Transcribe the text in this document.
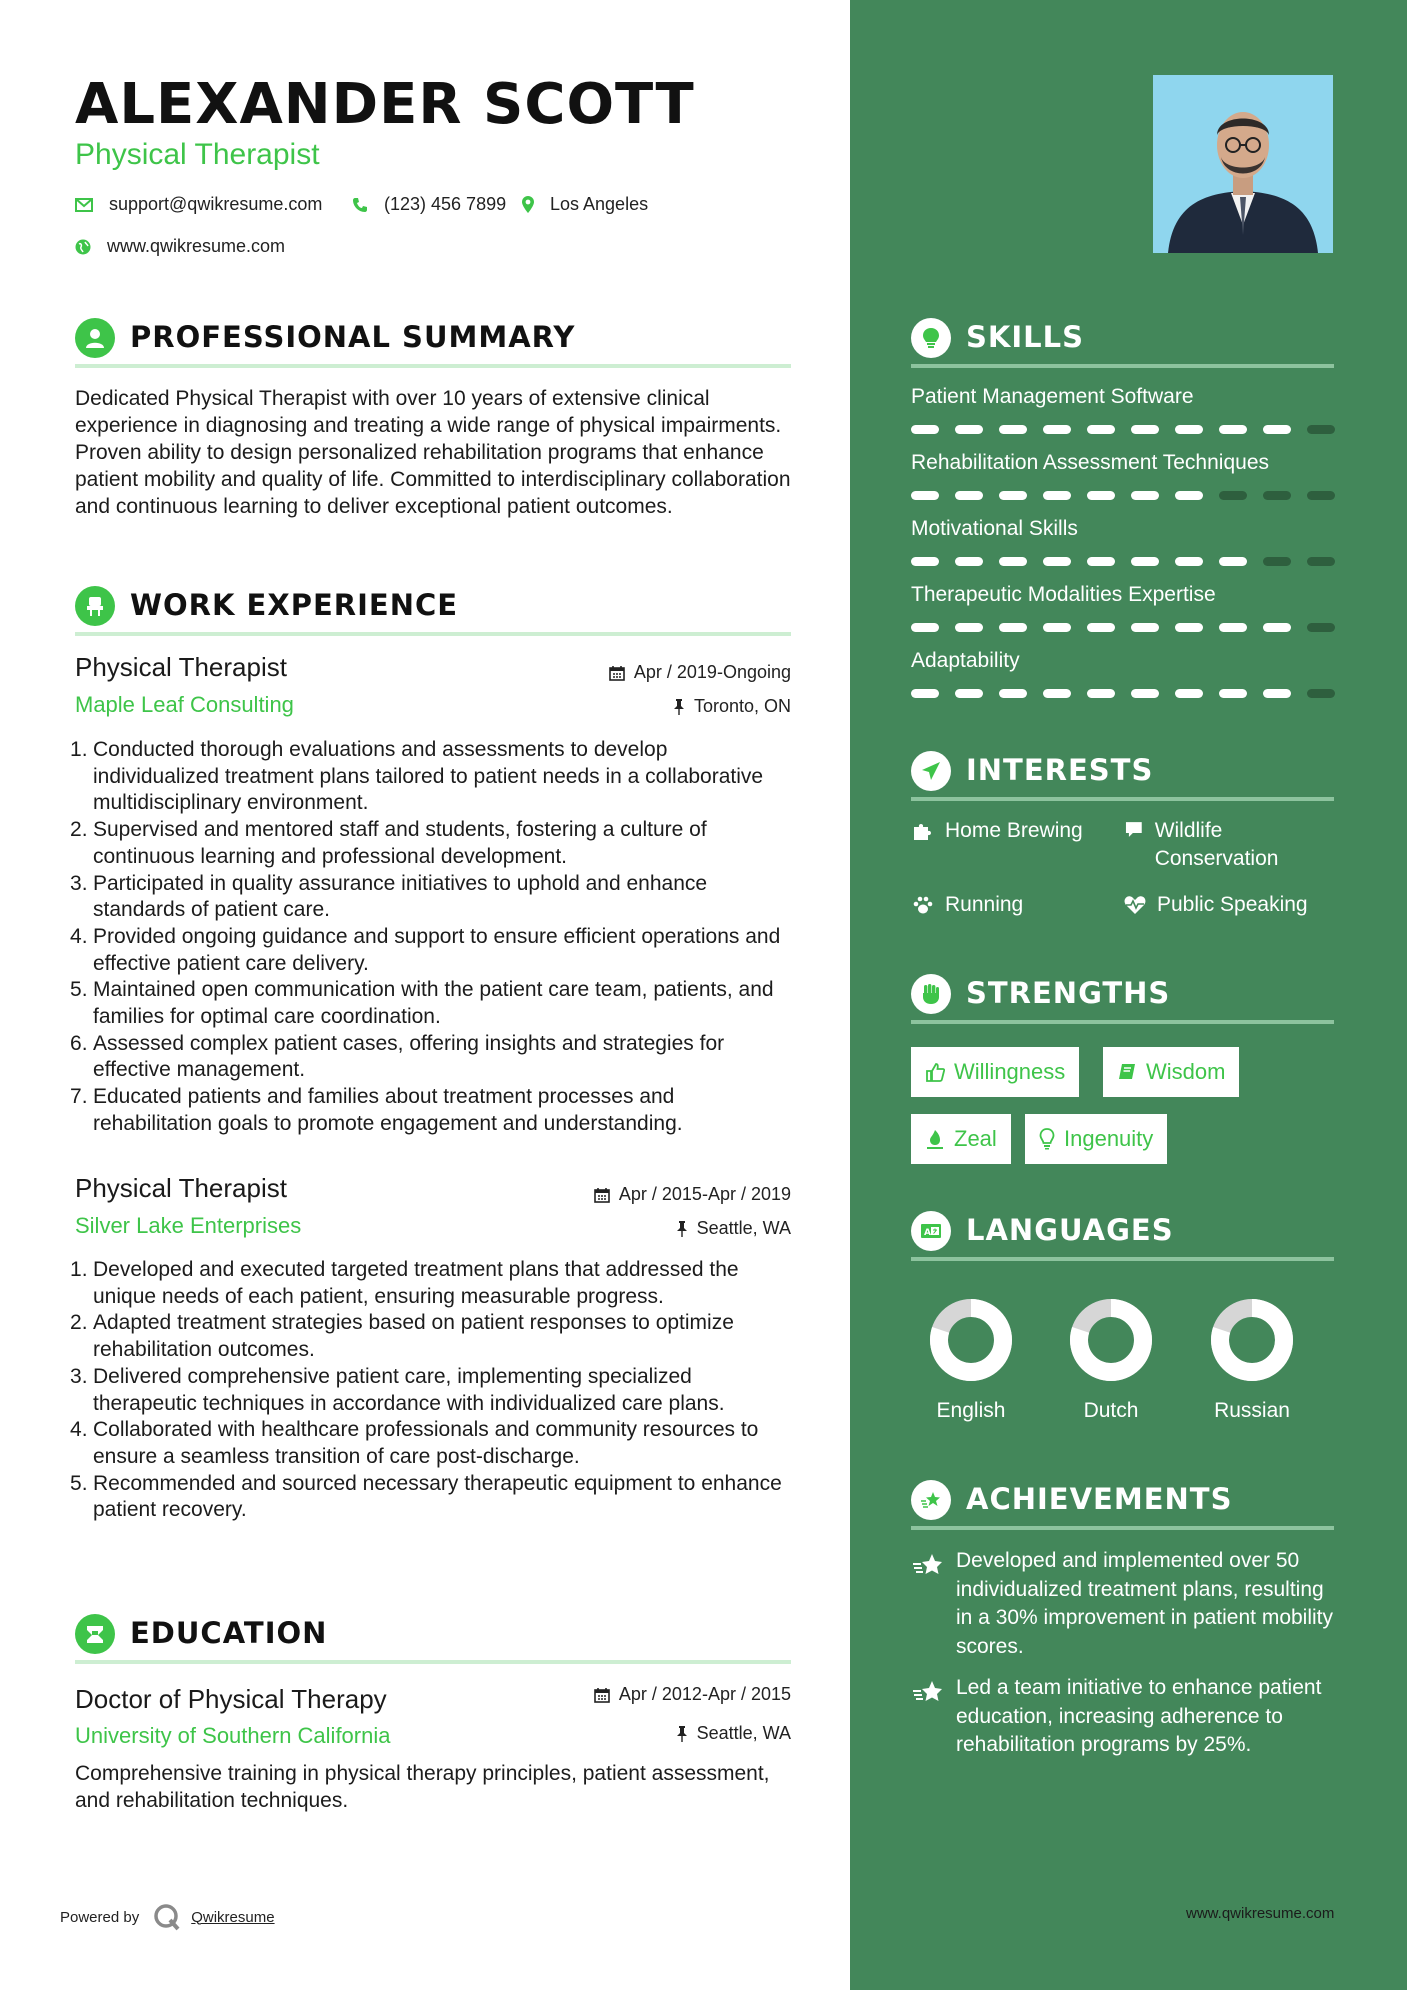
ALEXANDER SCOTT
Physical Therapist
support@qwikresume.com	(123) 456 7899 Los Angeles
www.qwikresume.com
PROFESSIONAL SUMMARY
Dedicated Physical Therapist with over 10 years of extensive clinical experience in diagnosing and treating a wide range of physical impairments. Proven ability to design personalized rehabilitation programs that enhance patient mobility and quality of life. Committed to interdisciplinary collaboration and continuous learning to deliver exceptional patient outcomes.
WORK EXPERIENCE
Physical Therapist	Apr / 2019-Ongoing
Maple Leaf Consulting	Toronto, ON
Conducted thorough evaluations and assessments to develop individualized treatment plans tailored to patient needs in a collaborative multidisciplinary environment.
Supervised and mentored staff and students, fostering a culture of continuous learning and professional development.
Participated in quality assurance initiatives to uphold and enhance standards of patient care.
Provided ongoing guidance and support to ensure efficient operations and effective patient care delivery.
Maintained open communication with the patient care team, patients, and families for optimal care coordination.
Assessed complex patient cases, offering insights and strategies for effective management.
Educated patients and families about treatment processes and rehabilitation goals to promote engagement and understanding.
Physical Therapist	Apr / 2015-Apr / 2019
Silver Lake Enterprises	Seattle, WA
Developed and executed targeted treatment plans that addressed the unique needs of each patient, ensuring measurable progress.
Adapted treatment strategies based on patient responses to optimize rehabilitation outcomes.
Delivered comprehensive patient care, implementing specialized therapeutic techniques in accordance with individualized care plans.
Collaborated with healthcare professionals and community resources to ensure a seamless transition of care post-discharge.
Recommended and sourced necessary therapeutic equipment to enhance patient recovery.
EDUCATION
Doctor of Physical Therapy	Apr / 2012-Apr / 2015
University of Southern California	Seattle, WA
Comprehensive training in physical therapy principles, patient assessment, and rehabilitation techniques.
Powered by	Qwikresume
SKILLS
Patient Management Software
Rehabilitation Assessment Techniques
Motivational Skills
Therapeutic Modalities Expertise
Adaptability
INTERESTS
Home Brewing	Wildlife Conservation
Running	Public Speaking
STRENGTHS
Willingness	Wisdom
Zeal	Ingenuity
A LANGUAGES
English	Dutch	Russian
ACHIEVEMENTS
Developed and implemented over 50 individualized treatment plans, resulting in a 30% improvement in patient mobility scores.
Led a team initiative to enhance patient education, increasing adherence to rehabilitation programs by 25%.
www.qwikresume.com
